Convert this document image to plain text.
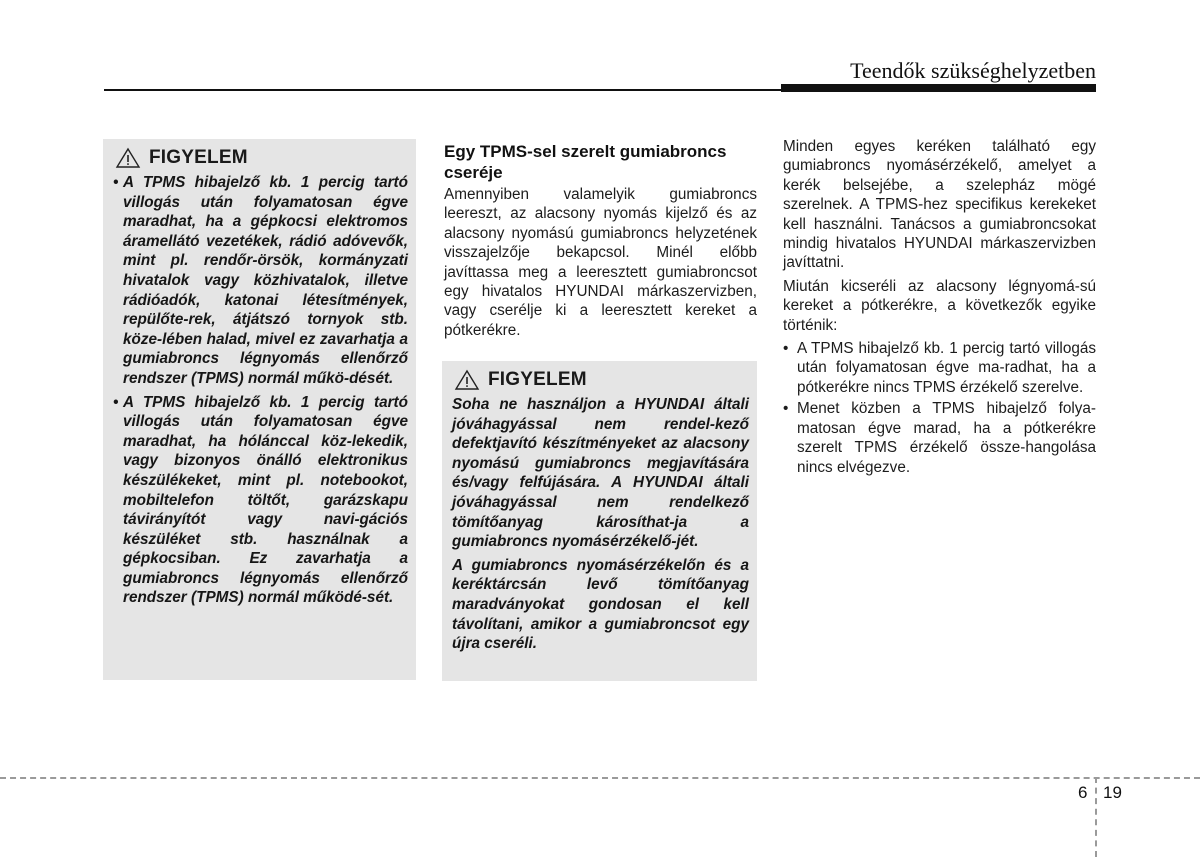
Teendők szükséghelyzetben
FIGYELEM
• A TPMS hibajelző kb. 1 percig tartó villogás után folyamatosan égve maradhat, ha a gépkocsi elektromos áramellátó vezetékek, rádió adóvevők, mint pl. rendőr-örsök, kormányzati hivatalok vagy közhivatalok, illetve rádióadók, katonai létesítmények, repülőte-rek, átjátszó tornyok stb. köze-lében halad, mivel ez zavarhatja a gumiabroncs légnyomás ellenőrző rendszer (TPMS) normál műkö-dését.
• A TPMS hibajelző kb. 1 percig tartó villogás után folyamatosan égve maradhat, ha hólánccal köz-lekedik, vagy bizonyos önálló elektronikus készülékeket, mint pl. notebookot, mobiltelefon töltőt, garázskapu távirányítót vagy navi-gációs készüléket stb. használnak a gépkocsiban. Ez zavarhatja a gumiabroncs légnyomás ellenőrző rendszer (TPMS) normál működé-sét.
Egy TPMS-sel szerelt gumiabroncs cseréje

Amennyiben valamelyik gumiabroncs leereszt, az alacsony nyomás kijelző és az alacsony nyomású gumiabroncs helyzetének visszajelzője bekapcsol. Minél előbb javíttassa meg a leeresztett gumiabroncsot egy hivatalos HYUNDAI márkaszervizben, vagy cserélje ki a leeresztett kereket a pótkerékre.

FIGYELEM

Soha ne használjon a HYUNDAI általi jóváhagyással nem rendel-kező defektjavító készítményeket az alacsony nyomású gumiabroncs megjavítására és/vagy felfújására. A HYUNDAI általi jóváhagyással nem rendelkező tömítőanyag károsíthat-ja a gumiabroncs nyomásérzékelő-jét.

A gumiabroncs nyomásérzékelőn és a keréktárcsán levő tömítőanyag maradványokat gondosan el kell távolítani, amikor a gumiabroncsot egy újra cseréli.

Minden egyes keréken található egy gumiabroncs nyomásérzékelő, amelyet a kerék belsejébe, a szelepház mögé szerelnek. A TPMS-hez specifikus kerekeket kell használni. Tanácsos a gumiabroncsokat mindig hivatalos HYUNDAI márkaszervizben javíttatni.

Miután kicseréli az alacsony légnyomá-sú kereket a pótkerékre, a következők egyike történik:

• A TPMS hibajelző kb. 1 percig tartó villogás után folyamatosan égve ma-radhat, ha a pótkerékre nincs TPMS érzékelő szerelve.
• Menet közben a TPMS hibajelző folya-matosan égve marad, ha a pótkerékre szerelt TPMS érzékelő össze-hangolása nincs elvégezve.
6 19
